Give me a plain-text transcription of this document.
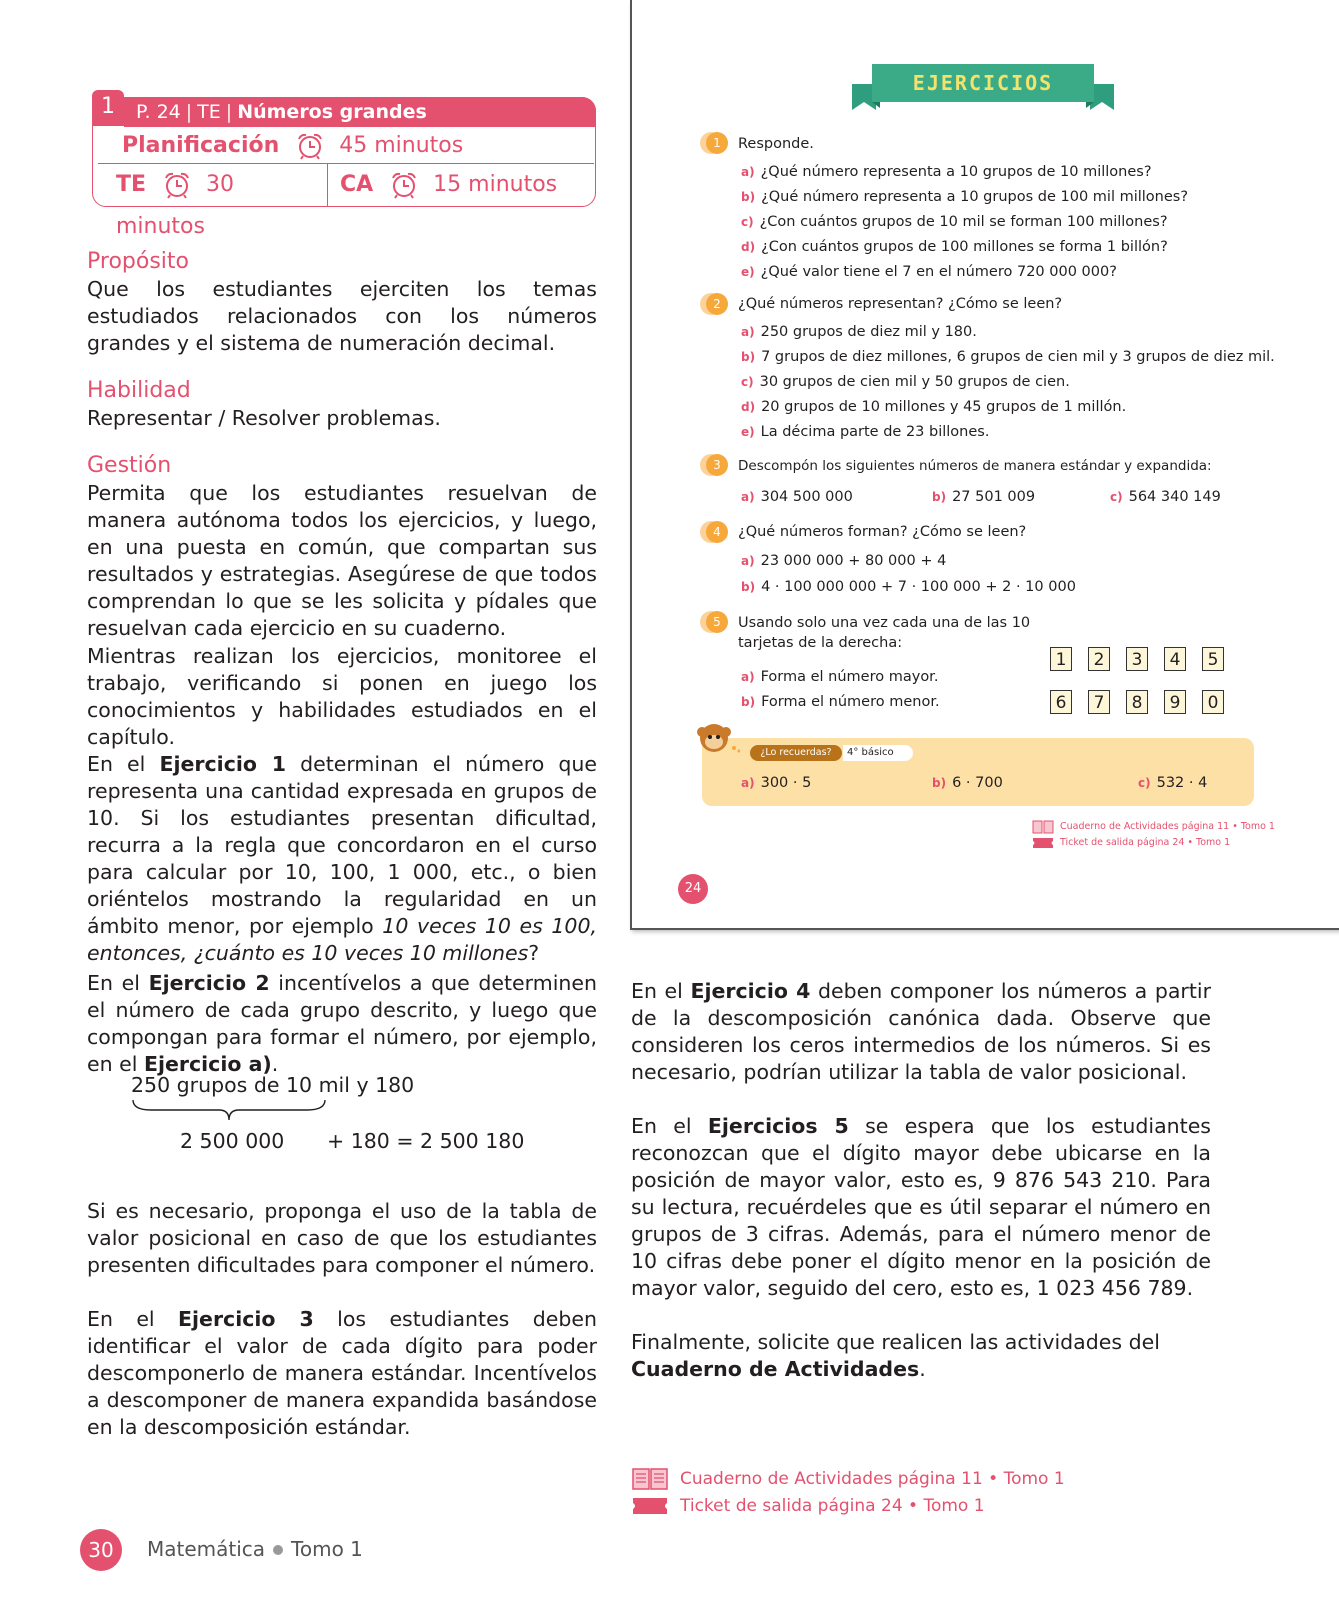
1	P. 24 | TE | Números grandes
Planificación	45 minutos
TE	30 minutos
CA	15 minutos
Propósito
Que los estudiantes ejerciten los temas estudiados relacionados con los números grandes y el sistema de numeración decimal.
Habilidad
Representar / Resolver problemas.
Gestión
Permita que los estudiantes resuelvan de manera autónoma todos los ejercicios, y luego, en una puesta en común, que compartan sus resultados y estrategias. Asegúrese de que todos comprendan lo que se les solicita y pídales que resuelvan cada ejercicio en su cuaderno.
Mientras realizan los ejercicios, monitoree el trabajo, verificando si ponen en juego los conocimientos y habilidades estudiados en el capítulo.
En el Ejercicio 1 determinan el número que representa una cantidad expresada en grupos de 10. Si los estudiantes presentan dificultad, recurra a la regla que concordaron en el curso para calcular por 10, 100, 1 000, etc., o bien oriéntelos mostrando la regularidad en un ámbito menor, por ejemplo 10 veces 10 es 100, entonces, ¿cuánto es 10 veces 10 millones?
En el Ejercicio 2 incentívelos a que determinen el número de cada grupo descrito, y luego que compongan para formar el número, por ejemplo, en el Ejercicio a).
250 grupos de 10 mil y 180
2 500 000 + 180 = 2 500 180
Si es necesario, proponga el uso de la tabla de valor posicional en caso de que los estudiantes presenten dificultades para componer el número.
En el Ejercicio 3 los estudiantes deben identificar el valor de cada dígito para poder descomponerlo de manera estándar. Incentívelos a descomponer de manera expandida basándose en la descomposición estándar.
En el Ejercicio 4 deben componer los números a partir de la descomposición canónica dada. Observe que consideren los ceros intermedios de los números. Si es necesario, podrían utilizar la tabla de valor posicional.
En el Ejercicios 5 se espera que los estudiantes reconozcan que el dígito mayor debe ubicarse en la posición de mayor valor, esto es, 9 876 543 210. Para su lectura, recuérdeles que es útil separar el número en grupos de 3 cifras. Además, para el número menor de 10 cifras debe poner el dígito menor en la posición de mayor valor, seguido del cero, esto es, 1 023 456 789.
Finalmente, solicite que realicen las actividades del Cuaderno de Actividades.
Cuaderno de Actividades página 11 • Tomo 1
Ticket de salida página 24 • Tomo 1
EJERCICIOS
1	Responde.
a) ¿Qué número representa a 10 grupos de 10 millones?
b) ¿Qué número representa a 10 grupos de 100 mil millones?
c) ¿Con cuántos grupos de 10 mil se forman 100 millones?
d) ¿Con cuántos grupos de 100 millones se forma 1 billón?
e) ¿Qué valor tiene el 7 en el número 720 000 000?
2	¿Qué números representan? ¿Cómo se leen?
a) 250 grupos de diez mil y 180.
b) 7 grupos de diez millones, 6 grupos de cien mil y 3 grupos de diez mil.
c) 30 grupos de cien mil y 50 grupos de cien.
d) 20 grupos de 10 millones y 45 grupos de 1 millón.
e) La décima parte de 23 billones.
3	Descompón los siguientes números de manera estándar y expandida:
a) 304 500 000	b) 27 501 009	c) 564 340 149
4	¿Qué números forman? ¿Cómo se leen?
a) 23 000 000 + 80 000 + 4
b) 4 · 100 000 000 + 7 · 100 000 + 2 · 10 000
5	Usando solo una vez cada una de las 10
tarjetas de la derecha:
a) Forma el número mayor.
b) Forma el número menor.
1	2	3	4	5
6	7	8	9	0
¿Lo recuerdas?	4° básico
a) 300 · 5	b) 6 · 700	c) 532 · 4
Cuaderno de Actividades página 11 • Tomo 1
Ticket de salida página 24 • Tomo 1
24
30	Matemática Tomo 1
